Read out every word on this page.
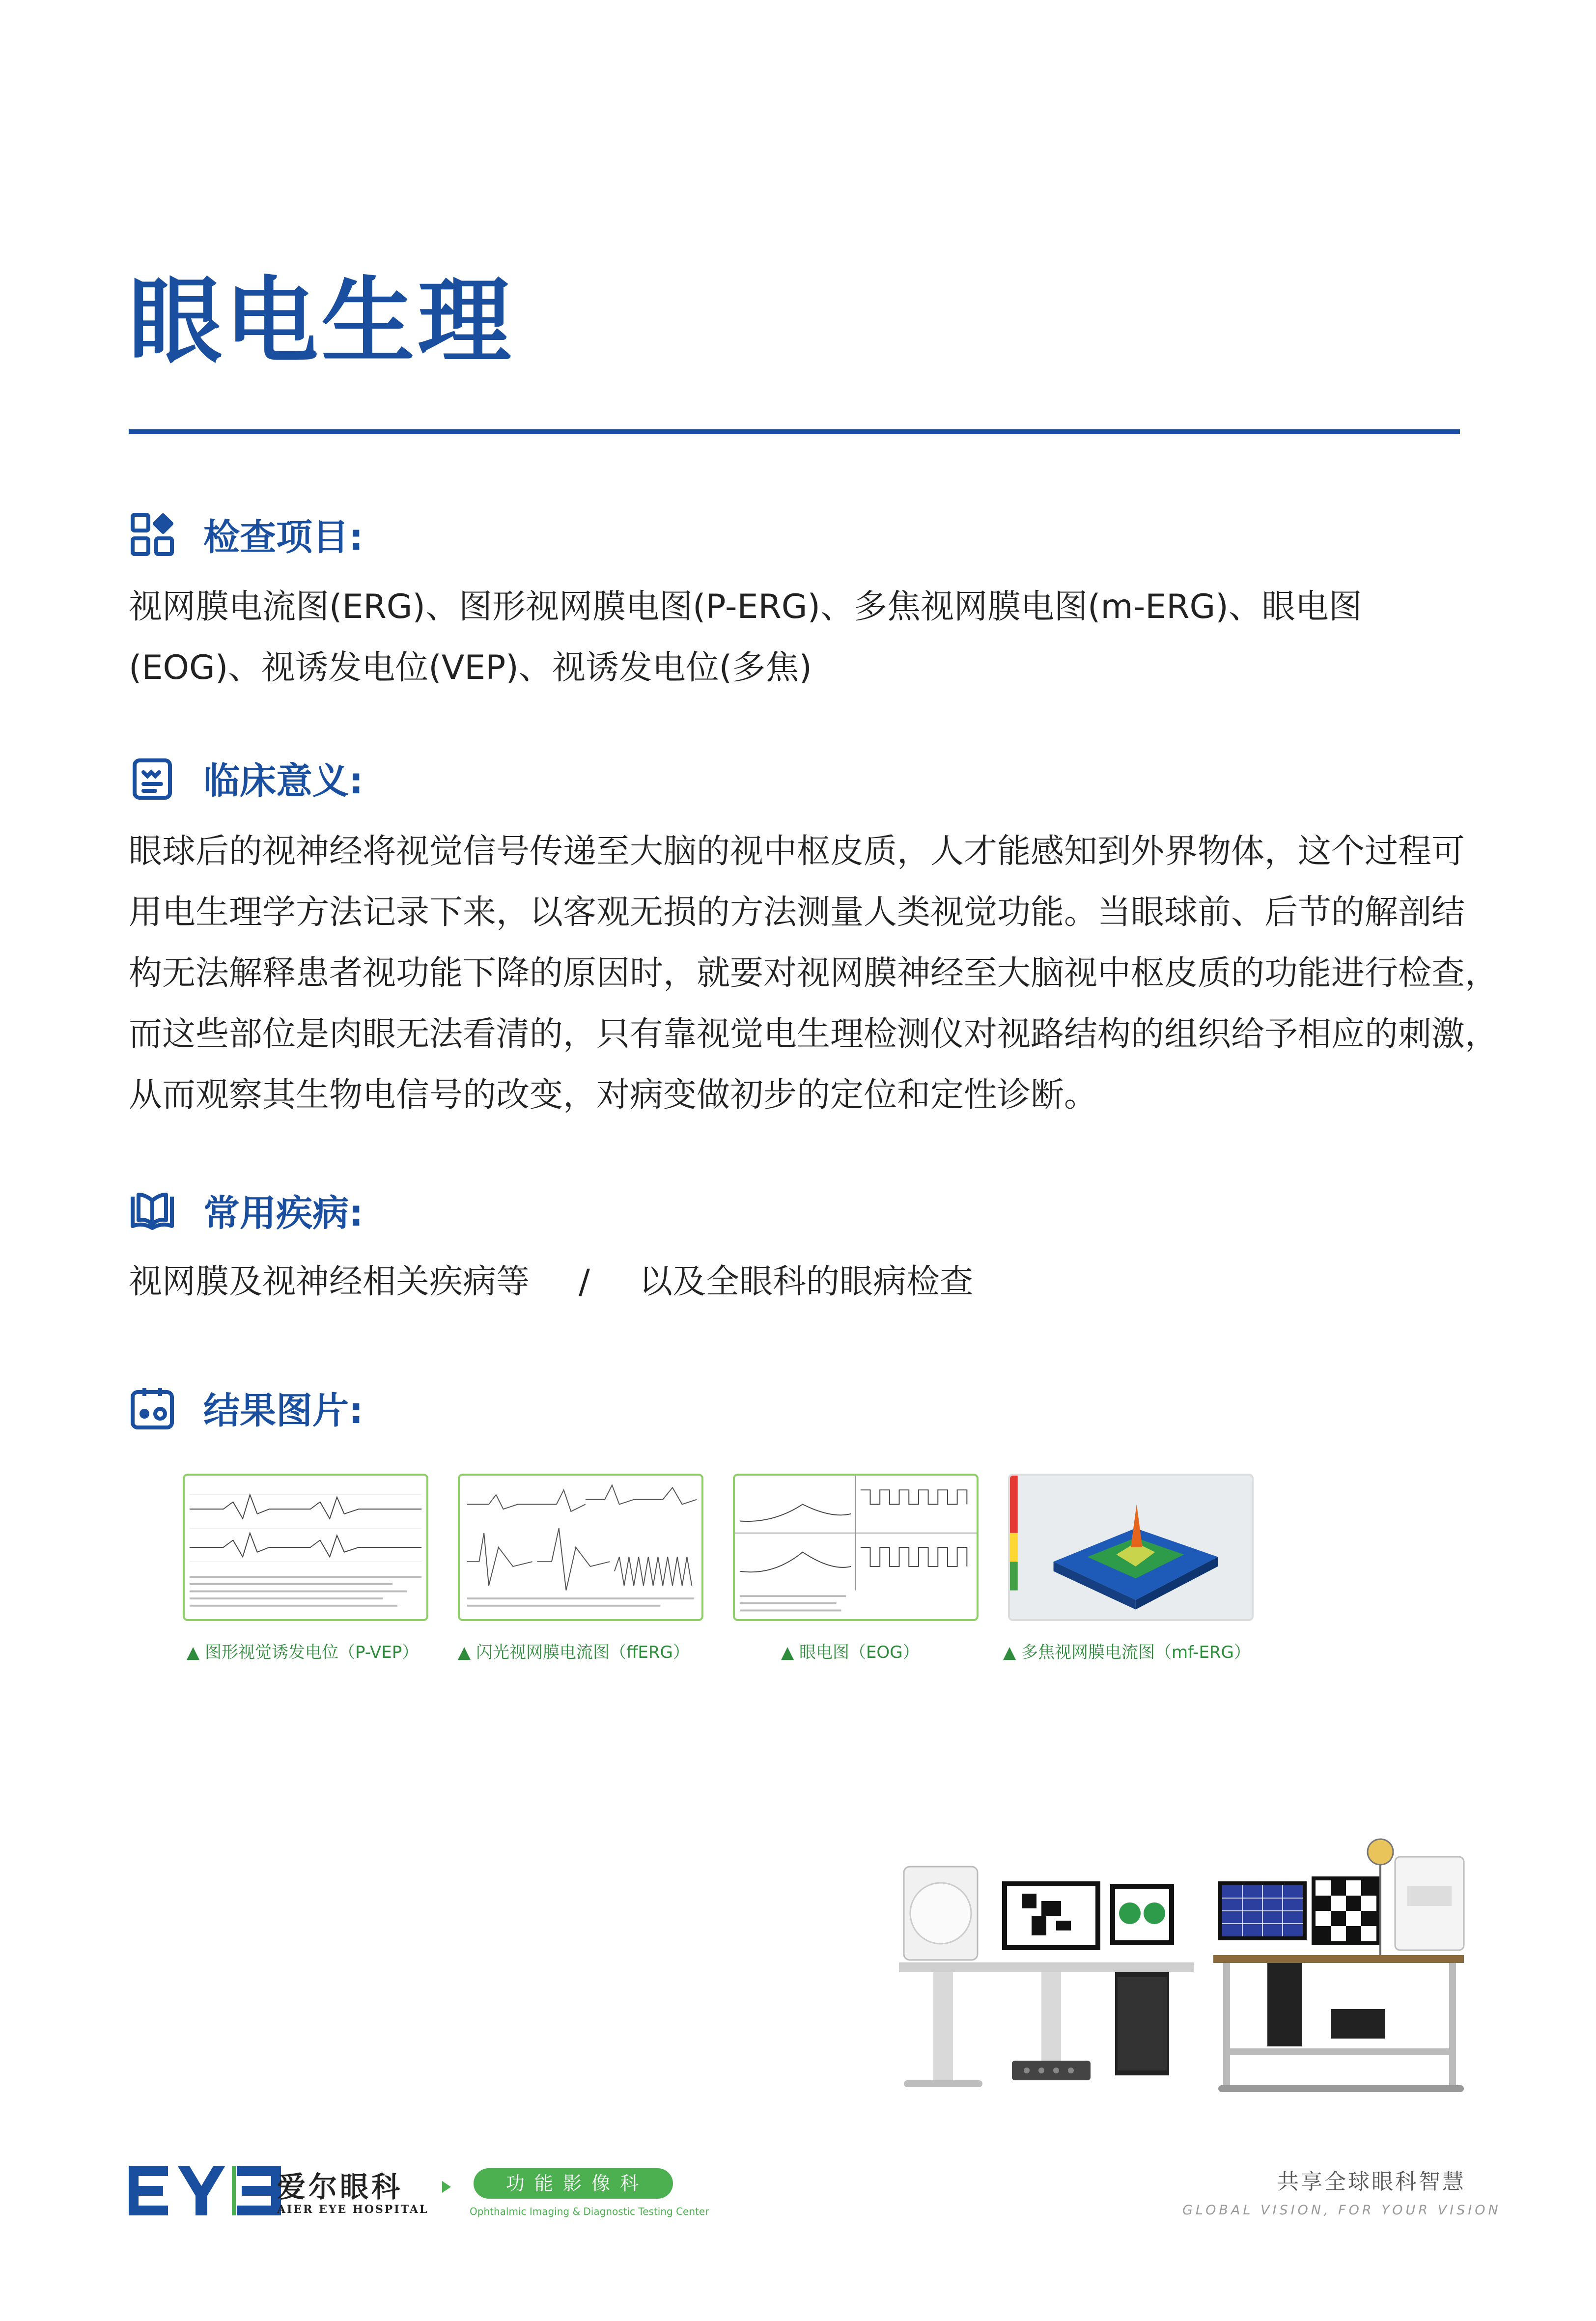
眼电生理
检查项目:
视网膜电流图(ERG)、图形视网膜电图(P-ERG)、多焦视网膜电图(m-ERG)、眼电图
(EOG)、视诱发电位(VEP)、视诱发电位(多焦)
临床意义:
眼球后的视神经将视觉信号传递至大脑的视中枢皮质，人才能感知到外界物体，这个过程可
用电生理学方法记录下来，以客观无损的方法测量人类视觉功能。当眼球前、后节的解剖结
构无法解释患者视功能下降的原因时，就要对视网膜神经至大脑视中枢皮质的功能进行检查，
而这些部位是肉眼无法看清的，只有靠视觉电生理检测仪对视路结构的组织给予相应的刺激，
从而观察其生物电信号的改变，对病变做初步的定位和定性诊断。
常用疾病:
视网膜及视神经相关疾病等 / 以及全眼科的眼病检查
结果图片:
▲ 图形视觉诱发电位（P-VEP） ▲ 闪光视网膜电流图（ffERG）	▲ 眼电图（EOG）	▲ 多焦视网膜电流图（mf-ERG）
爱尔眼科
AIER EYE HOSPITAL
功 能 影 像 科
Ophthalmic Imaging & Diagnostic Testing Center
共享全球眼科智慧
GLOBAL VISION, FOR YOUR VISION
